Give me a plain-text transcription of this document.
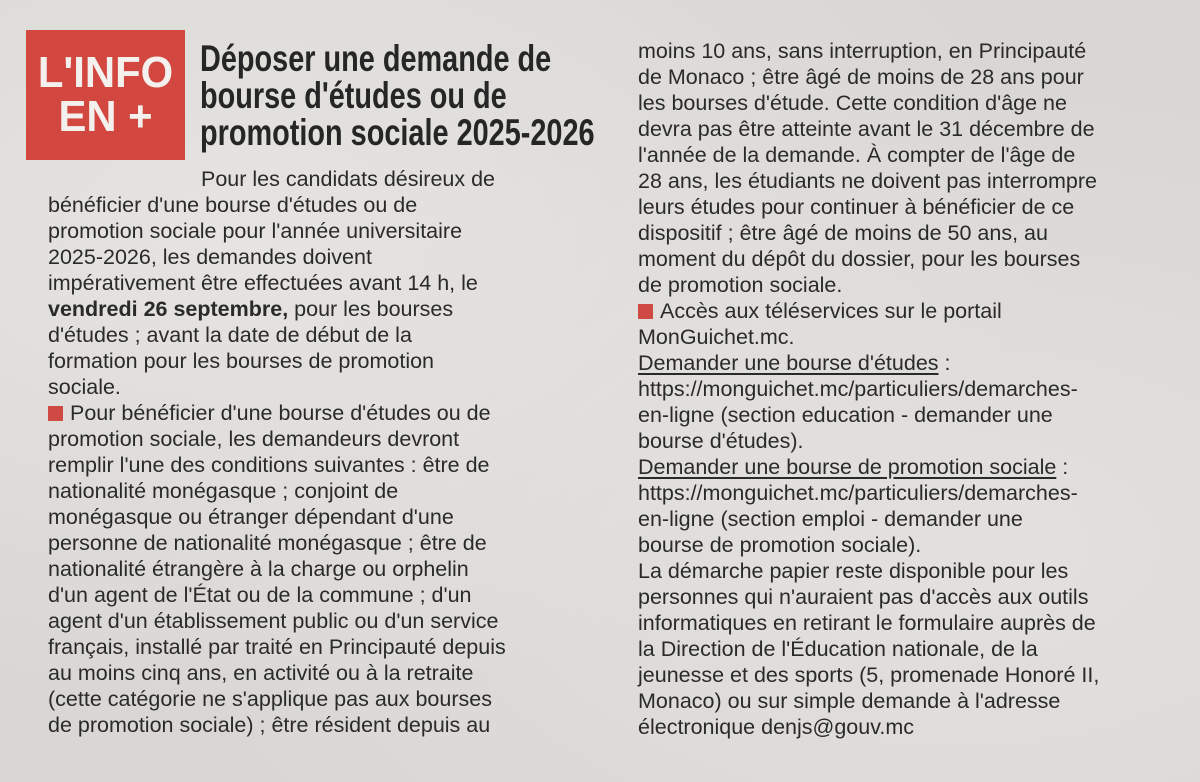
L'INFO
EN +
Déposer une demande de
bourse d'études ou de
promotion sociale 2025-2026
Pour les candidats désireux de
bénéficier d'une bourse d'études ou de
promotion sociale pour l'année universitaire
2025-2026, les demandes doivent
impérativement être effectuées avant 14 h, le
vendredi 26 septembre, pour les bourses
d'études ; avant la date de début de la
formation pour les bourses de promotion
sociale.
Pour bénéficier d'une bourse d'études ou de
promotion sociale, les demandeurs devront
remplir l'une des conditions suivantes : être de
nationalité monégasque ; conjoint de
monégasque ou étranger dépendant d'une
personne de nationalité monégasque ; être de
nationalité étrangère à la charge ou orphelin
d'un agent de l'État ou de la commune ; d'un
agent d'un établissement public ou d'un service
français, installé par traité en Principauté depuis
au moins cinq ans, en activité ou à la retraite
(cette catégorie ne s'applique pas aux bourses
de promotion sociale) ; être résident depuis au
moins 10 ans, sans interruption, en Principauté
de Monaco ; être âgé de moins de 28 ans pour
les bourses d'étude. Cette condition d'âge ne
devra pas être atteinte avant le 31 décembre de
l'année de la demande. À compter de l'âge de
28 ans, les étudiants ne doivent pas interrompre
leurs études pour continuer à bénéficier de ce
dispositif ; être âgé de moins de 50 ans, au
moment du dépôt du dossier, pour les bourses
de promotion sociale.
Accès aux téléservices sur le portail
MonGuichet.mc.
Demander une bourse d'études :
https://monguichet.mc/particuliers/demarches-
en-ligne (section education - demander une
bourse d'études).
Demander une bourse de promotion sociale :
https://monguichet.mc/particuliers/demarches-
en-ligne (section emploi - demander une
bourse de promotion sociale).
La démarche papier reste disponible pour les
personnes qui n'auraient pas d'accès aux outils
informatiques en retirant le formulaire auprès de
la Direction de l'Éducation nationale, de la
jeunesse et des sports (5, promenade Honoré II,
Monaco) ou sur simple demande à l'adresse
électronique denjs@gouv.mc
